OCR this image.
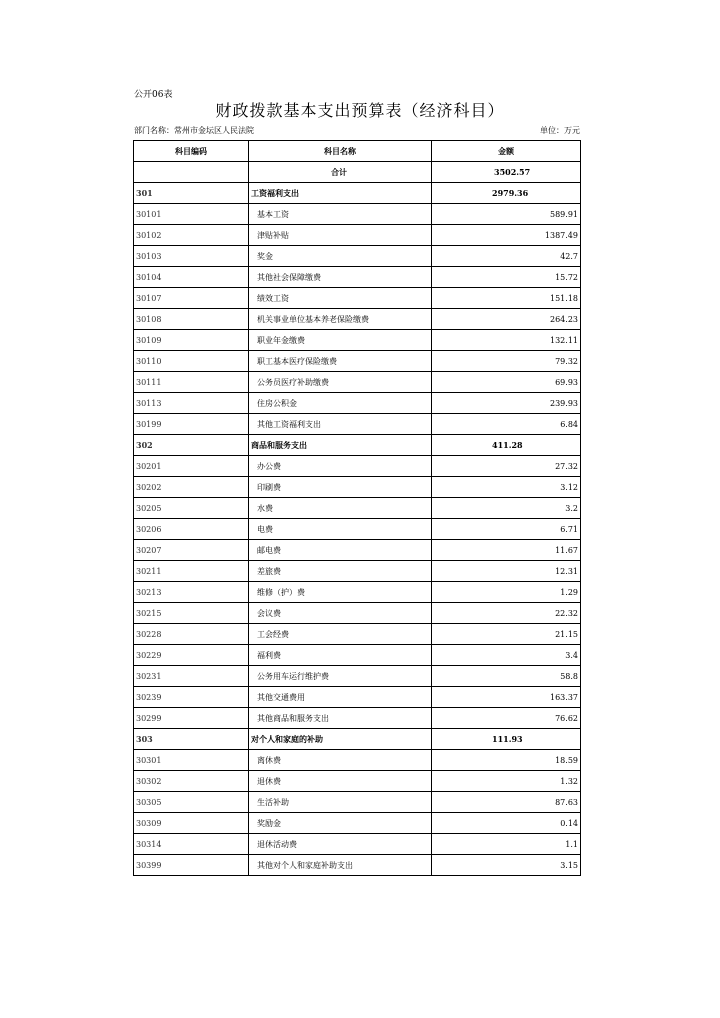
公开06表
财政拨款基本支出预算表（经济科目）
部门名称：常州市金坛区人民法院	单位：万元
科目编码	科目名称	金额
	合计	3502.57
301	工资福利支出	2979.36
30101	基本工资	589.91
30102	津贴补贴	1387.49
30103	奖金	42.7
30104	其他社会保障缴费	15.72
30107	绩效工资	151.18
30108	机关事业单位基本养老保险缴费	264.23
30109	职业年金缴费	132.11
30110	职工基本医疗保险缴费	79.32
30111	公务员医疗补助缴费	69.93
30113	住房公积金	239.93
30199	其他工资福利支出	6.84
302	商品和服务支出	411.28
30201	办公费	27.32
30202	印刷费	3.12
30205	水费	3.2
30206	电费	6.71
30207	邮电费	11.67
30211	差旅费	12.31
30213	维修（护）费	1.29
30215	会议费	22.32
30228	工会经费	21.15
30229	福利费	3.4
30231	公务用车运行维护费	58.8
30239	其他交通费用	163.37
30299	其他商品和服务支出	76.62
303	对个人和家庭的补助	111.93
30301	离休费	18.59
30302	退休费	1.32
30305	生活补助	87.63
30309	奖励金	0.14
30314	退休活动费	1.1
30399	其他对个人和家庭补助支出	3.15
